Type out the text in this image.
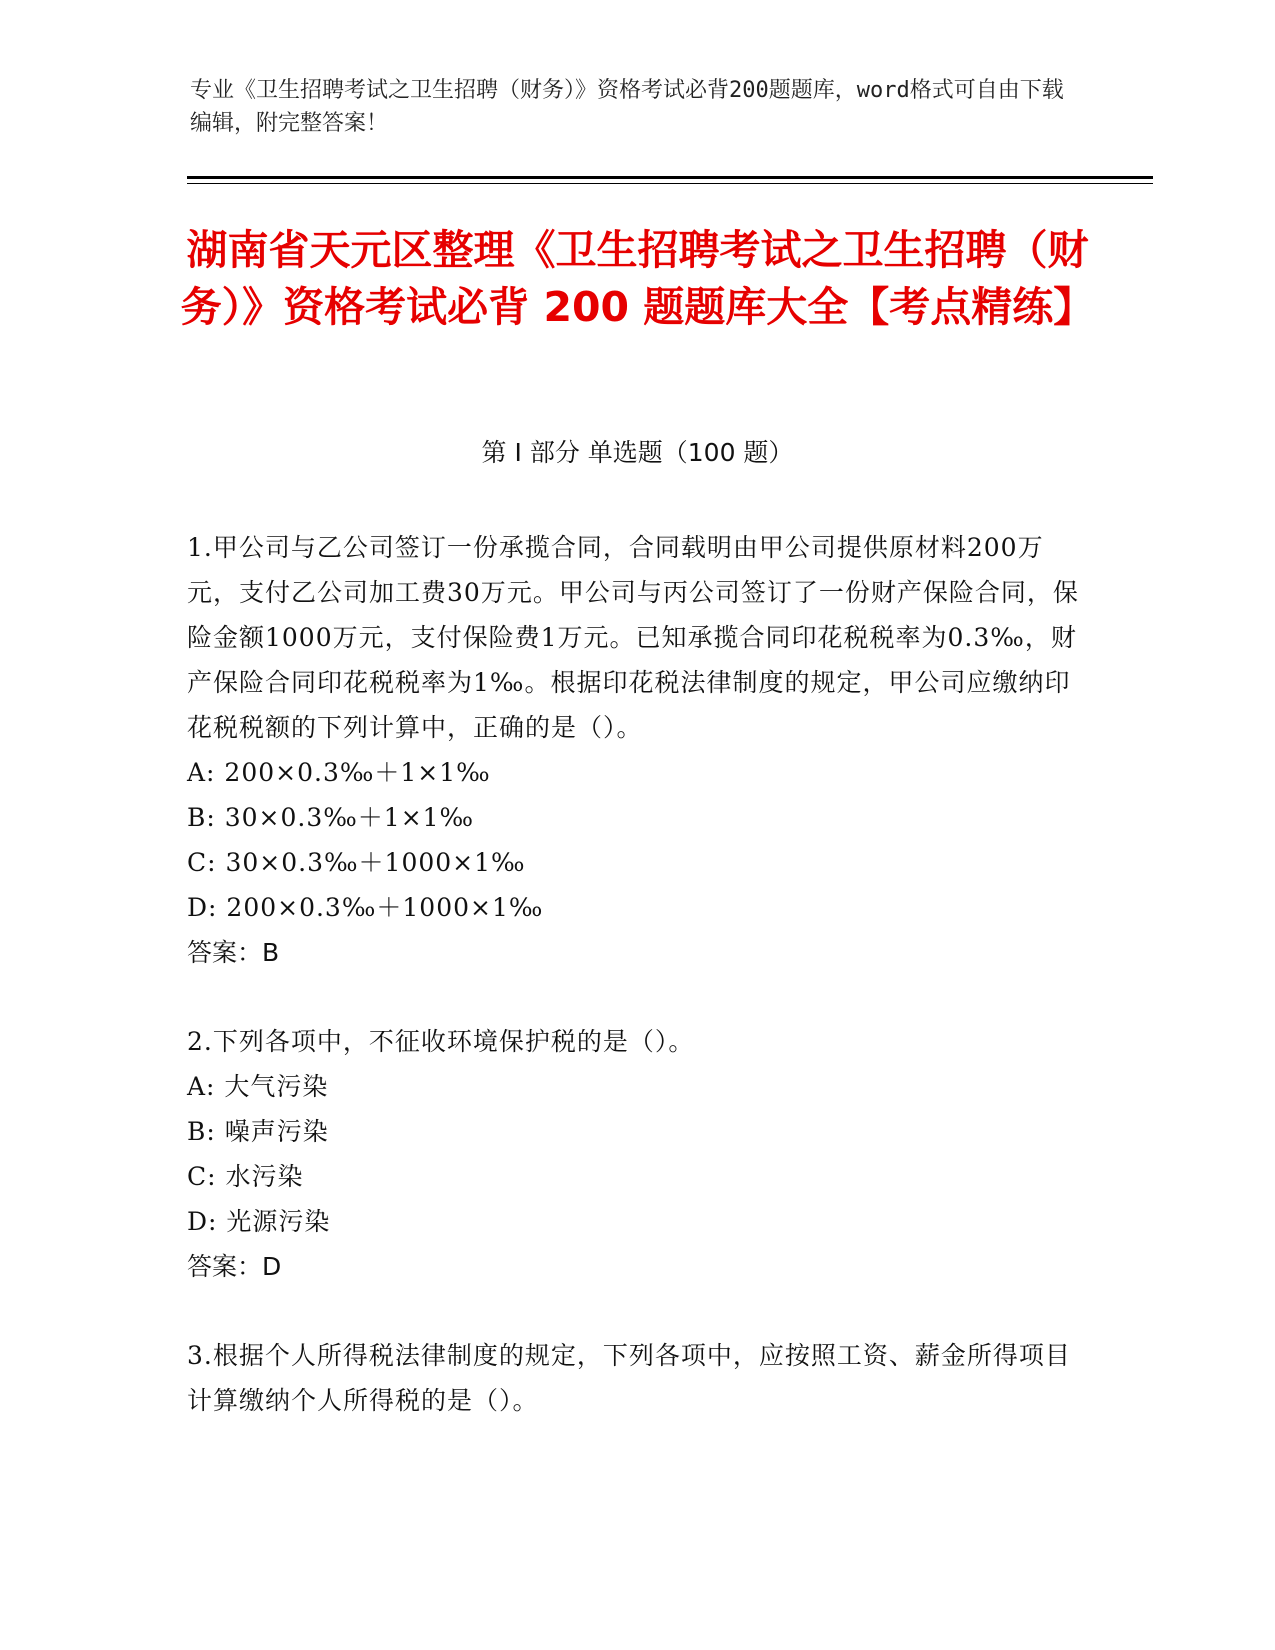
专业《卫生招聘考试之卫生招聘（财务）》资格考试必背200题题库，word格式可自由下载编辑，附完整答案！
湖南省天元区整理《卫生招聘考试之卫生招聘（财务）》资格考试必背 200 题题库大全【考点精练】
第 I 部分 单选题（100 题）

1.甲公司与乙公司签订一份承揽合同，合同载明由甲公司提供原材料200万元，支付乙公司加工费30万元。甲公司与丙公司签订了一份财产保险合同，保险金额1000万元，支付保险费1万元。已知承揽合同印花税税率为0.3‰，财产保险合同印花税税率为1‰。根据印花税法律制度的规定，甲公司应缴纳印花税税额的下列计算中，正确的是（）。

A: 200×0.3‰＋1×1‰

B: 30×0.3‰＋1×1‰

C: 30×0.3‰＋1000×1‰

D: 200×0.3‰＋1000×1‰

答案：B

2.下列各项中，不征收环境保护税的是（）。

A: 大气污染

B: 噪声污染

C: 水污染

D: 光源污染

答案：D

3.根据个人所得税法律制度的规定，下列各项中，应按照工资、薪金所得项目计算缴纳个人所得税的是（）。
